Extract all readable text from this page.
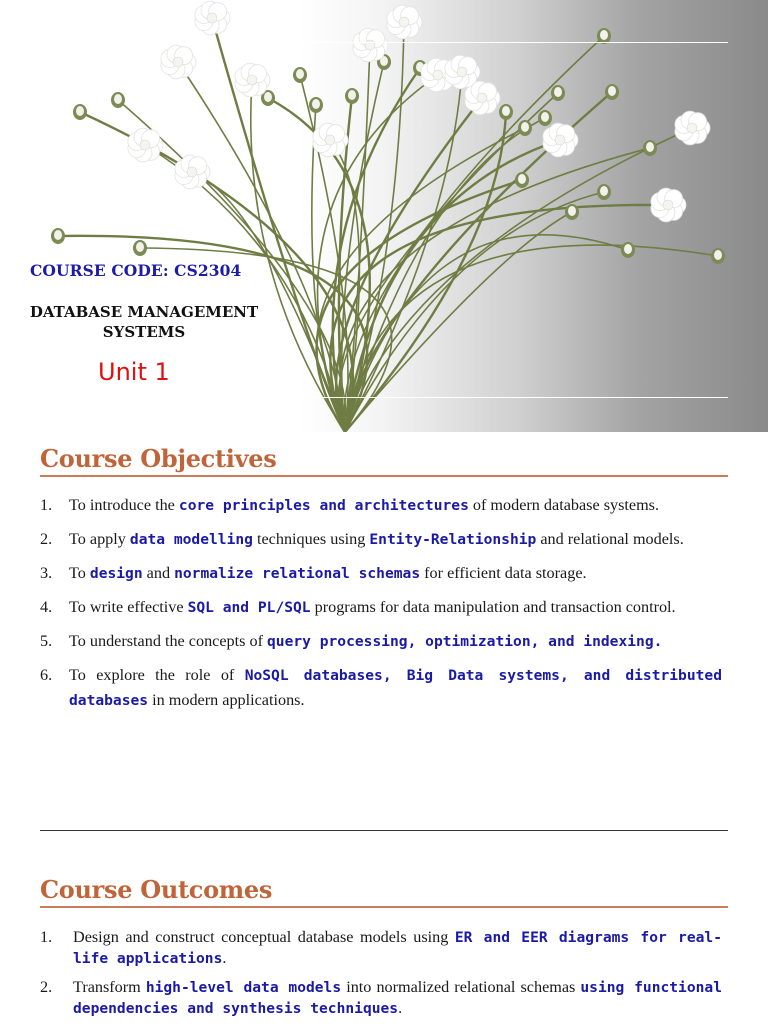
COURSE CODE: CS2304
DATABASE MANAGEMENT
SYSTEMS
Unit 1
Course Objectives
1. To introduce the core principles and architectures of modern database systems.
2. To apply data modelling techniques using Entity-Relationship and relational models.
3. To design and normalize relational schemas for efficient data storage.
4. To write effective SQL and PL/SQL programs for data manipulation and transaction control.
5. To understand the concepts of query processing, optimization, and indexing.
6. To explore the role of NoSQL databases, Big Data systems, and distributed databases in modern applications.
Course Outcomes
1. Design and construct conceptual database models using ER and EER diagrams for real-life applications.
2. Transform high-level data models into normalized relational schemas using functional dependencies and synthesis techniques.
